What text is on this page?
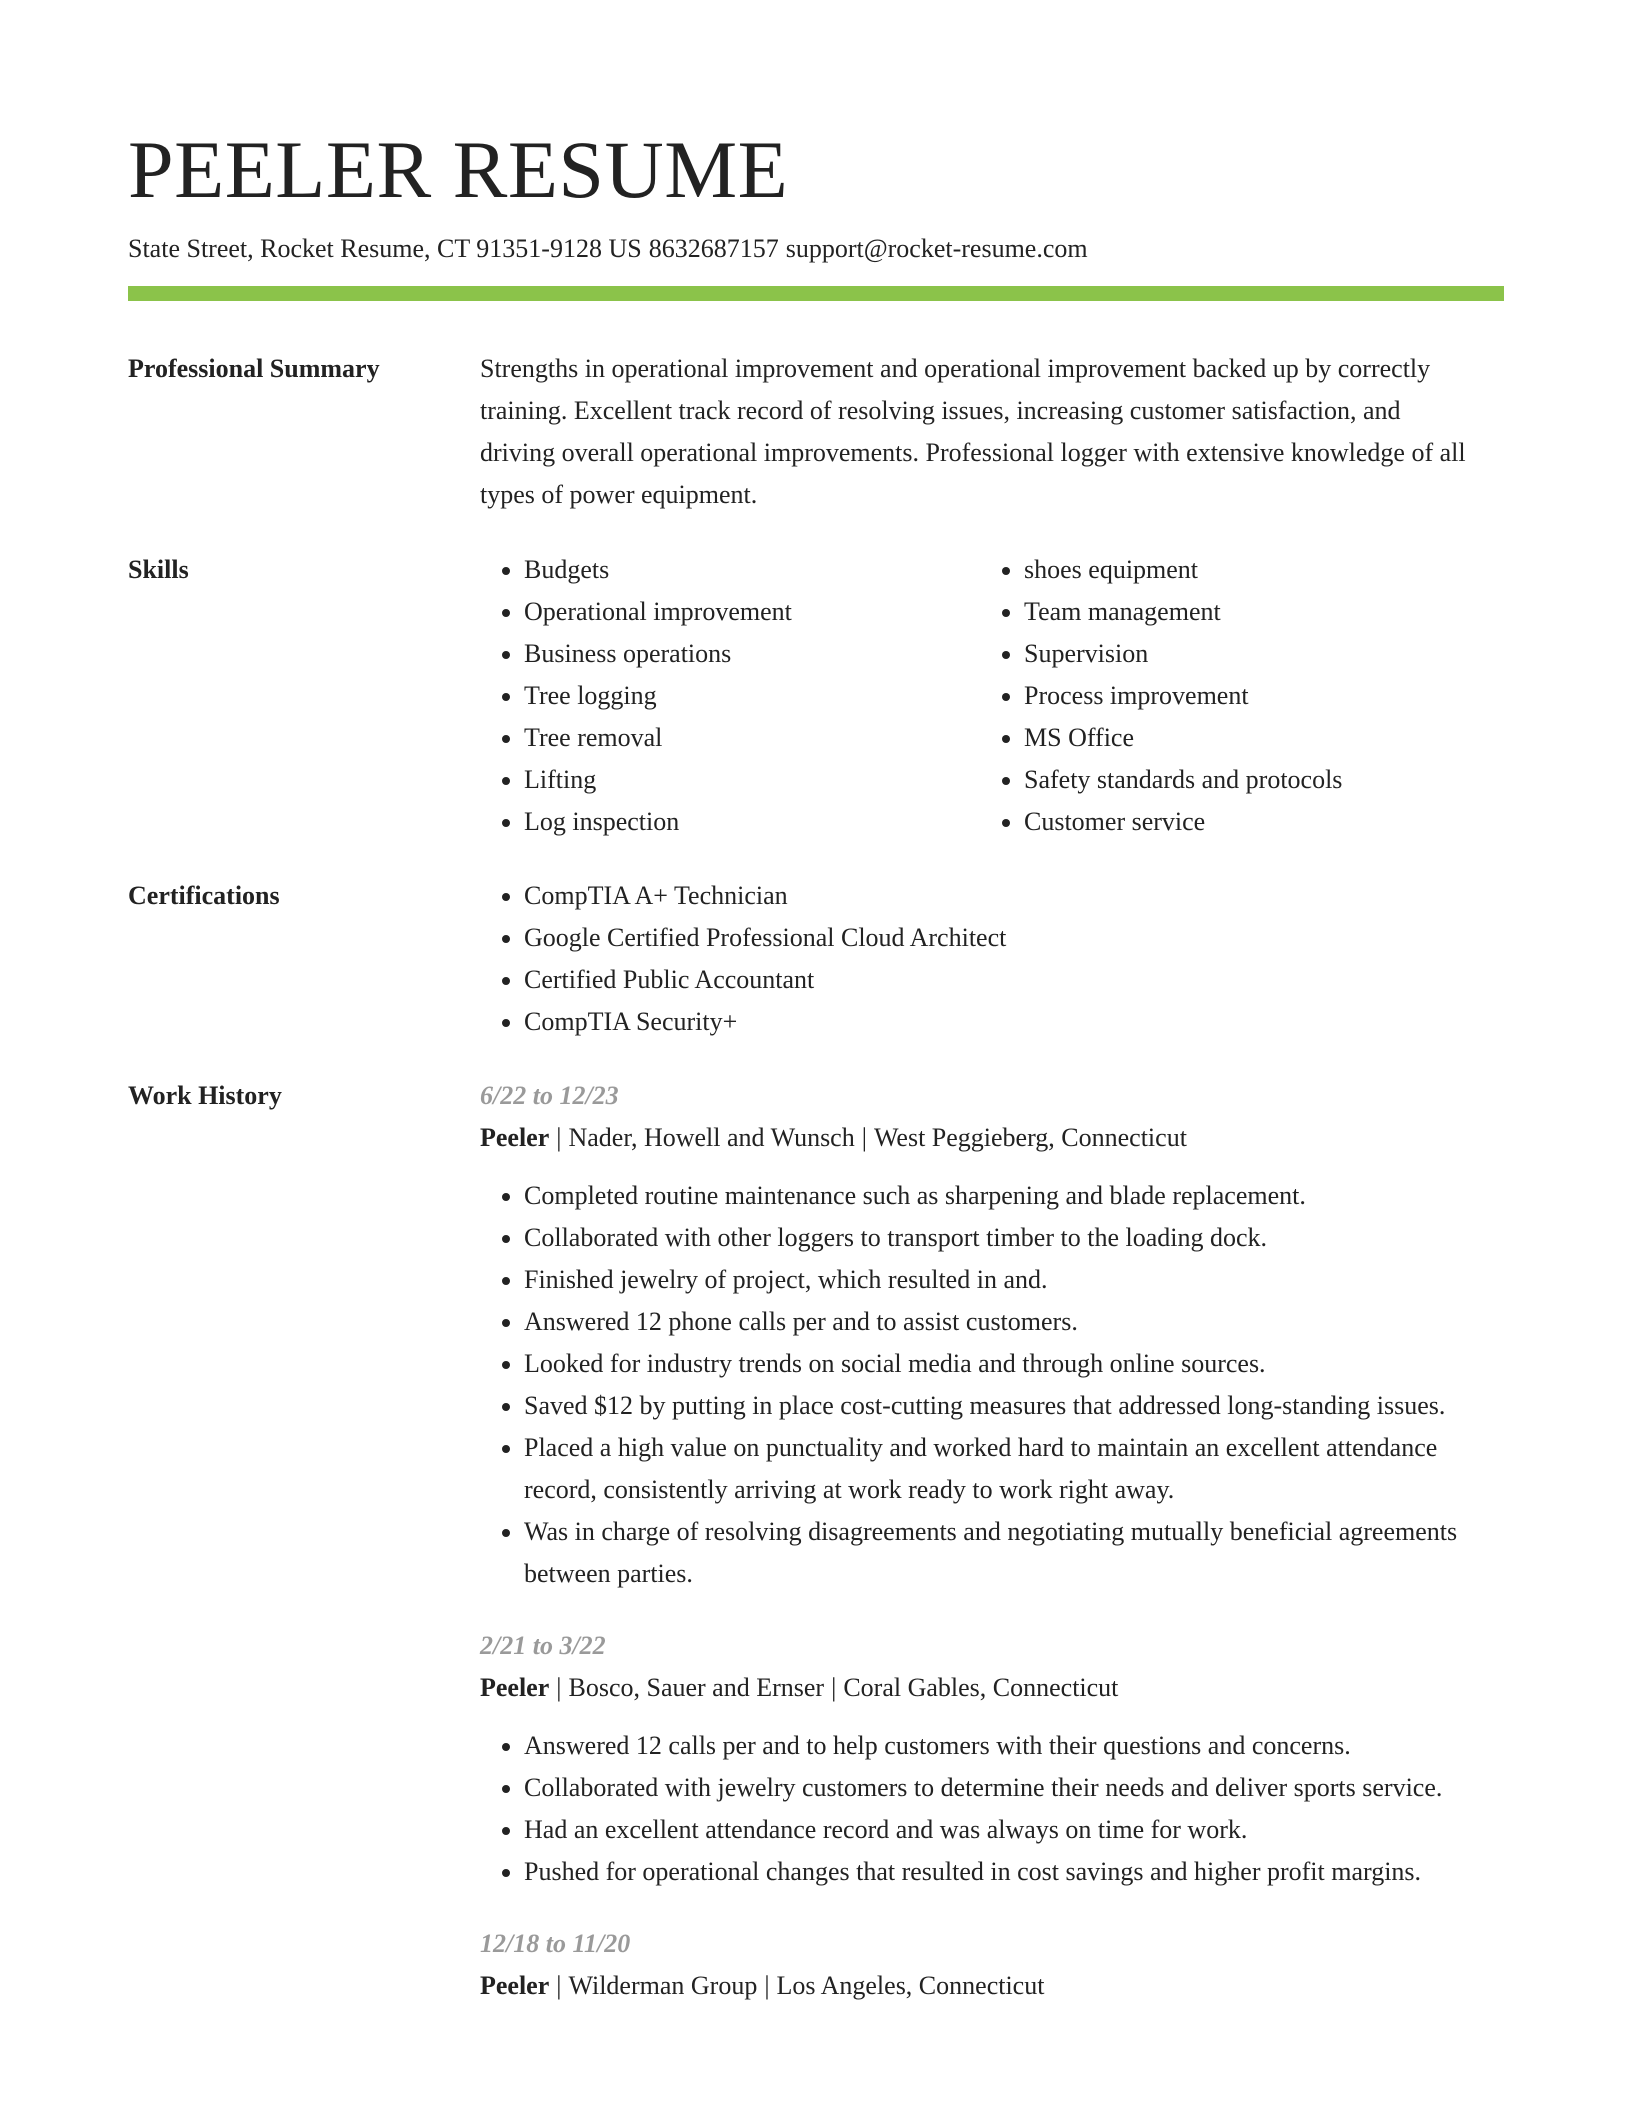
PEELER RESUME
State Street, Rocket Resume, CT 91351-9128 US 8632687157 support@rocket-resume.com
Professional Summary	Strengths in operational improvement and operational improvement backed up by correctly training. Excellent track record of resolving issues, increasing customer satisfaction, and driving overall operational improvements. Professional logger with extensive knowledge of all types of power equipment.

Skills	• Budgets
• Operational improvement
• Business operations
• Tree logging
• Tree removal
• Lifting
• Log inspection
• shoes equipment
• Team management
• Supervision
• Process improvement
• MS Office
• Safety standards and protocols
• Customer service
Certifications	• CompTIA A+ Technician
• Google Certified Professional Cloud Architect
• Certified Public Accountant
• CompTIA Security+
Work History	6/22 to 12/23
Peeler | Nader, Howell and Wunsch | West Peggieberg, Connecticut
• Completed routine maintenance such as sharpening and blade replacement.
• Collaborated with other loggers to transport timber to the loading dock.
• Finished jewelry of project, which resulted in and.
• Answered 12 phone calls per and to assist customers.
• Looked for industry trends on social media and through online sources.
• Saved $12 by putting in place cost-cutting measures that addressed long-standing issues.
• Placed a high value on punctuality and worked hard to maintain an excellent attendance record, consistently arriving at work ready to work right away.
• Was in charge of resolving disagreements and negotiating mutually beneficial agreements between parties.
2/21 to 3/22
Peeler | Bosco, Sauer and Ernser | Coral Gables, Connecticut
• Answered 12 calls per and to help customers with their questions and concerns.
• Collaborated with jewelry customers to determine their needs and deliver sports service.
• Had an excellent attendance record and was always on time for work.
• Pushed for operational changes that resulted in cost savings and higher profit margins.
12/18 to 11/20
Peeler | Wilderman Group | Los Angeles, Connecticut
